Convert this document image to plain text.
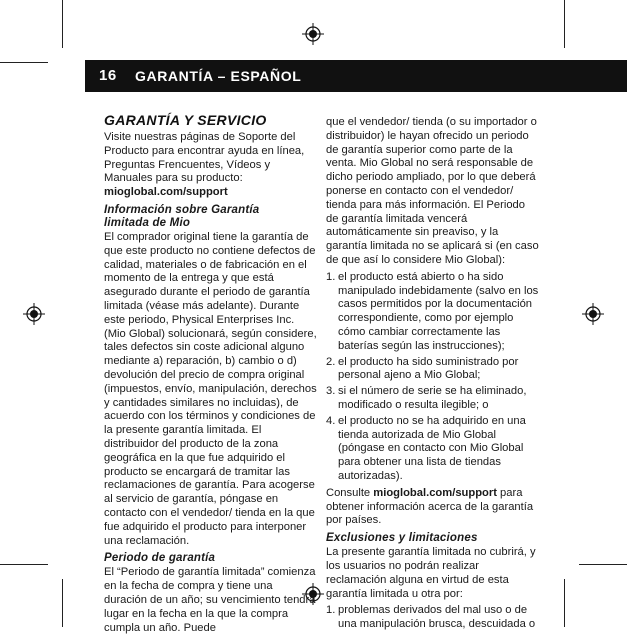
16 GARANTÍA – ESPAÑOL
GARANTÍA Y SERVICIO

Visite nuestras páginas de Soporte del Producto para encontrar ayuda en línea, Preguntas Frencuentes, Vídeos y Manuales para su producto: mioglobal.com/support

Información sobre Garantía
limitada de Mio

El comprador original tiene la garantía de que este producto no contiene defectos de calidad, materiales o de fabricación en el momento de la entrega y que está asegurado durante el periodo de garantía limitada (véase más adelante). Durante este periodo, Physical Enterprises Inc. (Mio Global) solucionará, según considere, tales defectos sin coste adicional alguno mediante a) reparación, b) cambio o d) devolución del precio de compra original (impuestos, envío, manipulación, derechos y cantidades similares no incluidas), de acuerdo con los términos y condiciones de la presente garantía limitada. El distribuidor del producto de la zona geográfica en la que fue adquirido el producto se encargará de tramitar las reclamaciones de garantía. Para acogerse al servicio de garantía, póngase en contacto con el vendedor/ tienda en la que fue adquirido el producto para interponer una reclamación.

Periodo de garantía

El “Periodo de garantía limitada” comienza en la fecha de compra y tiene una duración de un año; su vencimiento tendrá lugar en la fecha en la que la compra cumpla un año. Puede

que el vendedor/ tienda (o su importador o distribuidor) le hayan ofrecido un periodo de garantía superior como parte de la venta. Mio Global no será responsable de dicho periodo ampliado, por lo que deberá ponerse en contacto con el vendedor/ tienda para más información. El Periodo de garantía limitada vencerá automáticamente sin preaviso, y la garantía limitada no se aplicará si (en caso de que así lo considere Mio Global):

1. el producto está abierto o ha sido manipulado indebidamente (salvo en los casos permitidos por la documentación correspondiente, como por ejemplo cómo cambiar correctamente las baterías según las instrucciones);
2. el producto ha sido suministrado por personal ajeno a Mio Global;
3. si el número de serie se ha eliminado, modificado o resulta ilegible; o
4. el producto no se ha adquirido en una tienda autorizada de Mio Global (póngase en contacto con Mio Global para obtener una lista de tiendas autorizadas).

Consulte mioglobal.com/support para obtener información acerca de la garantía por países.

Exclusiones y limitaciones

La presente garantía limitada no cubrirá, y los usuarios no podrán realizar reclamación alguna en virtud de esta garantía limitada u otra por:

1. problemas derivados del mal uso o de una manipulación brusca, descuidada o
